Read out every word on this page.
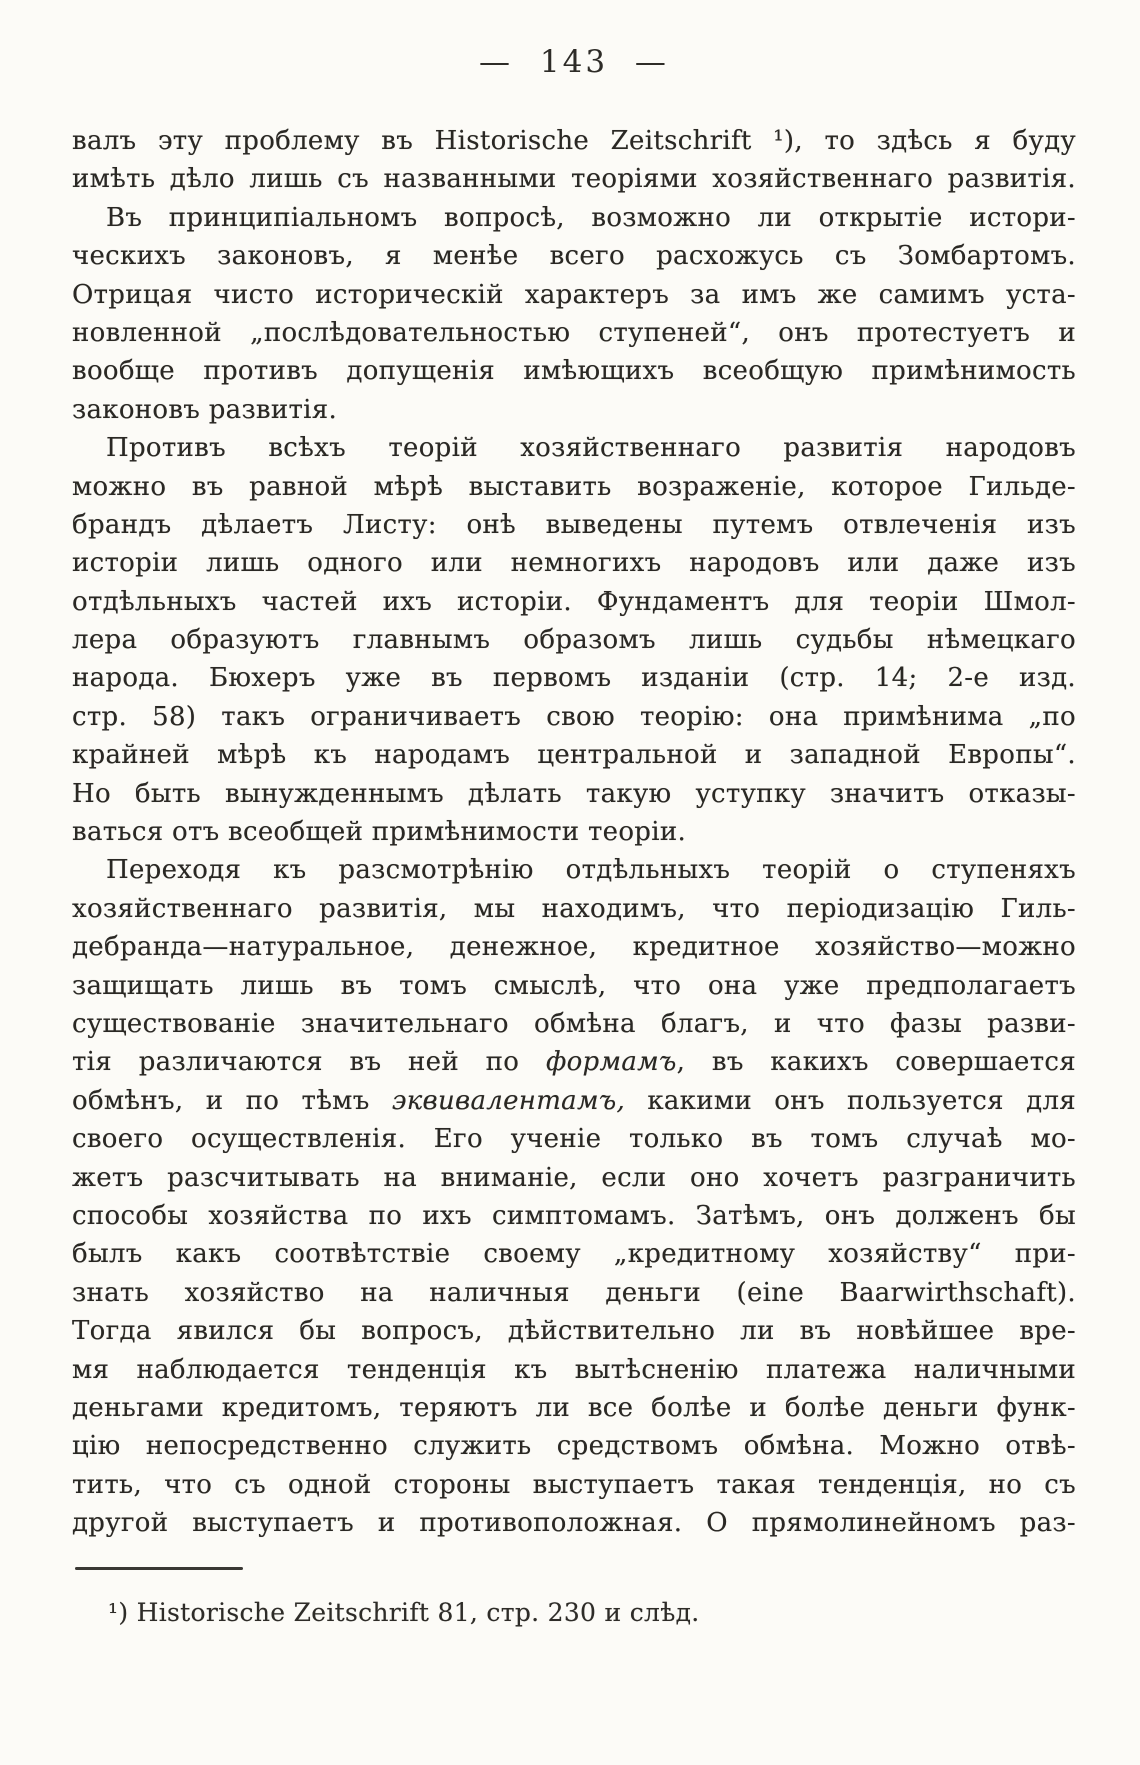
— 143 —
валъ эту проблему въ Historische Zeitschrift ¹), то здѣсь я буду
имѣть дѣло лишь съ названными теоріями хозяйственнаго развитія.
Въ принципіальномъ вопросѣ, возможно ли открытіе истори-
ческихъ законовъ, я менѣе всего расхожусь съ Зомбартомъ.
Отрицая чисто историческій характеръ за имъ же самимъ уста-
новленной „послѣдовательностью ступеней“, онъ протестуетъ и
вообще противъ допущенія имѣющихъ всеобщую примѣнимость
законовъ развитія.
Противъ всѣхъ теорій хозяйственнаго развитія народовъ
можно въ равной мѣрѣ выставить возраженіе, которое Гильде-
брандъ дѣлаетъ Листу: онѣ выведены путемъ отвлеченія изъ
исторіи лишь одного или немногихъ народовъ или даже изъ
отдѣльныхъ частей ихъ исторіи. Фундаментъ для теоріи Шмол-
лера образуютъ главнымъ образомъ лишь судьбы нѣмецкаго
народа. Бюхеръ уже въ первомъ изданіи (стр. 14; 2-е изд.
стр. 58) такъ ограничиваетъ свою теорію: она примѣнима „по
крайней мѣрѣ къ народамъ центральной и западной Европы“.
Но быть вынужденнымъ дѣлать такую уступку значитъ отказы-
ваться отъ всеобщей примѣнимости теоріи.
Переходя къ разсмотрѣнію отдѣльныхъ теорій о ступеняхъ
хозяйственнаго развитія, мы находимъ, что періодизацію Гиль-
дебранда—натуральное, денежное, кредитное хозяйство—можно
защищать лишь въ томъ смыслѣ, что она уже предполагаетъ
существованіе значительнаго обмѣна благъ, и что фазы разви-
тія различаются въ ней по формамъ, въ какихъ совершается
обмѣнъ, и по тѣмъ эквивалентамъ, какими онъ пользуется для
своего осуществленія. Его ученіе только въ томъ случаѣ мо-
жетъ разсчитывать на вниманіе, если оно хочетъ разграничить
способы хозяйства по ихъ симптомамъ. Затѣмъ, онъ долженъ бы
былъ какъ соотвѣтствіе своему „кредитному хозяйству“ при-
знать хозяйство на наличныя деньги (eine Baarwirthschaft).
Тогда явился бы вопросъ, дѣйствительно ли въ новѣйшее вре-
мя наблюдается тенденція къ вытѣсненію платежа наличными
деньгами кредитомъ, теряютъ ли все болѣе и болѣе деньги функ-
цію непосредственно служить средствомъ обмѣна. Можно отвѣ-
тить, что съ одной стороны выступаетъ такая тенденція, но съ
другой выступаетъ и противоположная. О прямолинейномъ раз-
¹) Historische Zeitschrift 81, стр. 230 и слѣд.
